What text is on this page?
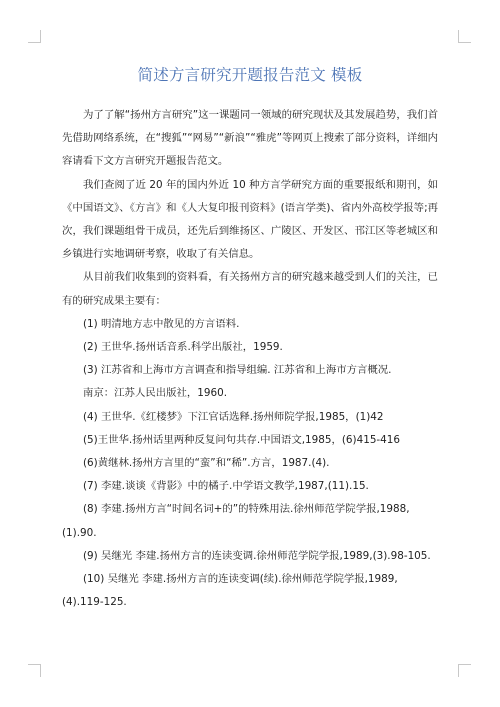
简述方言研究开题报告范文 模板

为了了解“扬州方言研究”这一课题同一领域的研究现状及其发展趋势，我们首先借助网络系统，在“搜狐”“网易”“新浪”“雅虎”等网页上搜索了部分资料，详细内容请看下文方言研究开题报告范文。

我们查阅了近 20 年的国内外近 10 种方言学研究方面的重要报纸和期刊，如《中国语文》、《方言》和《人大复印报刊资料》(语言学类)、省内外高校学报等;再次，我们课题组骨干成员，还先后到维扬区、广陵区、开发区、邗江区等老城区和乡镇进行实地调研考察，收取了有关信息。

从目前我们收集到的资料看，有关扬州方言的研究越来越受到人们的关注，已有的研究成果主要有：

(1) 明清地方志中散见的方言语料.

(2) 王世华.扬州话音系.科学出版社，1959.

(3) 江苏省和上海市方言调查和指导组编. 江苏省和上海市方言概况.

南京：江苏人民出版社，1960.

(4) 王世华.《红楼梦》下江官话选释.扬州师院学报,1985，(1)42

(5)王世华.扬州话里两种反复问句共存.中国语文,1985，(6)415-416

(6)黄继林.扬州方言里的“蛮”和“稀”.方言，1987.(4).

(7) 李建.谈谈《背影》中的橘子.中学语文教学,1987,(11).15.

(8) 李建.扬州方言“时间名词+的”的特殊用法.徐州师范学院学报,1988,(1).90.

(9) 吴继光 李建.扬州方言的连读变调.徐州师范学院学报,1989,(3).98-105.

(10) 吴继光 李建.扬州方言的连读变调(续).徐州师范学院学报,1989, (4).119-125.
